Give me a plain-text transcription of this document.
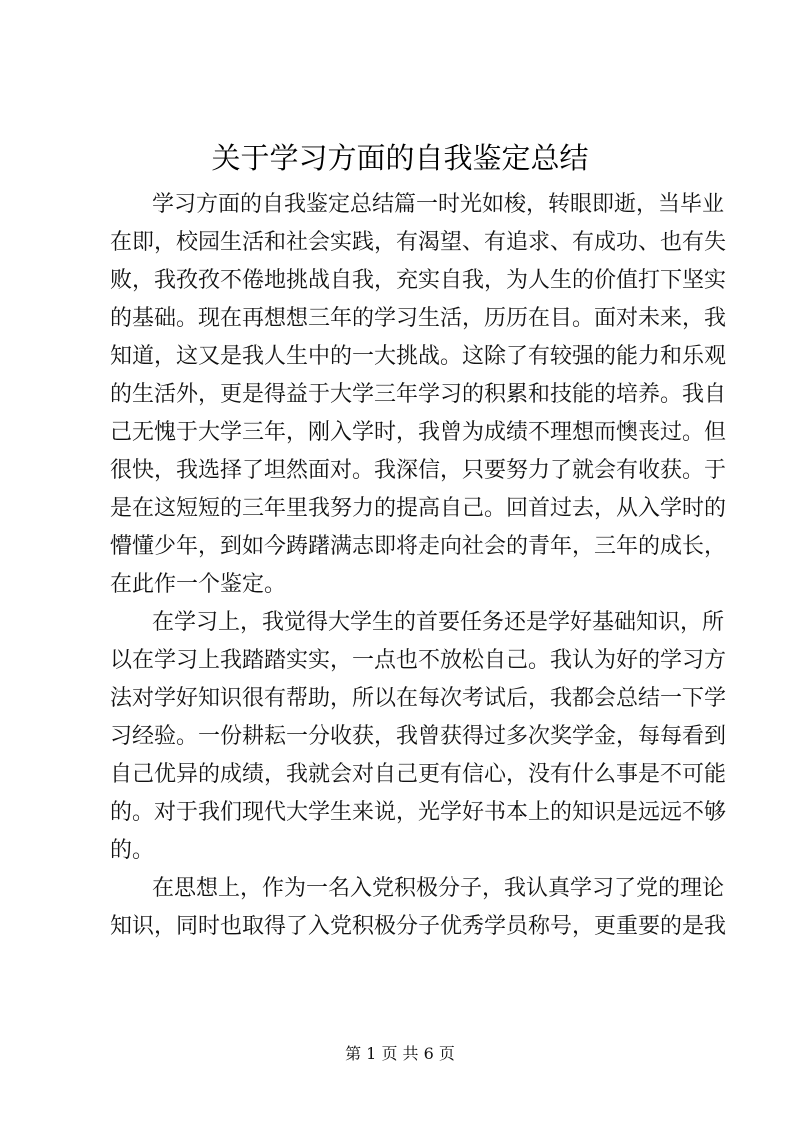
关于学习方面的自我鉴定总结
学习方面的自我鉴定总结篇一时光如梭，转眼即逝，当毕业
在即，校园生活和社会实践，有渴望、有追求、有成功、也有失
败，我孜孜不倦地挑战自我，充实自我，为人生的价值打下坚实
的基础。现在再想想三年的学习生活，历历在目。面对未来，我
知道，这又是我人生中的一大挑战。这除了有较强的能力和乐观
的生活外，更是得益于大学三年学习的积累和技能的培养。我自
己无愧于大学三年，刚入学时，我曾为成绩不理想而懊丧过。但
很快，我选择了坦然面对。我深信，只要努力了就会有收获。于
是在这短短的三年里我努力的提高自己。回首过去，从入学时的
懵懂少年，到如今踌躇满志即将走向社会的青年，三年的成长，
在此作一个鉴定。
在学习上，我觉得大学生的首要任务还是学好基础知识，所
以在学习上我踏踏实实，一点也不放松自己。我认为好的学习方
法对学好知识很有帮助，所以在每次考试后，我都会总结一下学
习经验。一份耕耘一分收获，我曾获得过多次奖学金，每每看到
自己优异的成绩，我就会对自己更有信心，没有什么事是不可能
的。对于我们现代大学生来说，光学好书本上的知识是远远不够
的。
在思想上，作为一名入党积极分子，我认真学习了党的理论
知识，同时也取得了入党积极分子优秀学员称号，更重要的是我
第 1 页 共 6 页
